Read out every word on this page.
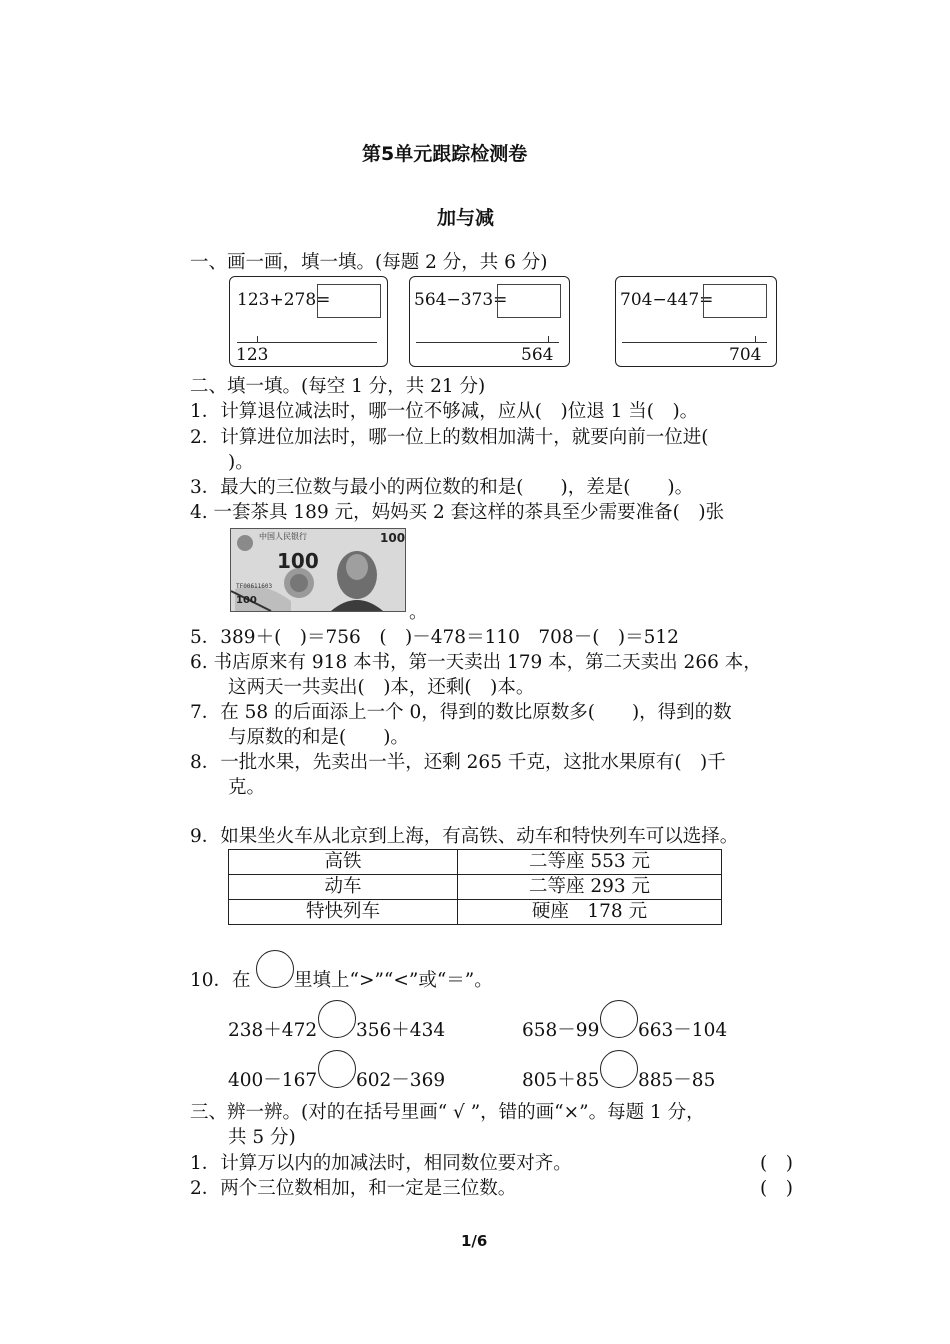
第5单元跟踪检测卷
加与减
一、画一画，填一填。(每题 2 分，共 6 分)
123+278=
123
564−373=
564
704−447=
704
二、填一填。(每空 1 分，共 21 分)
1．计算退位减法时，哪一位不够减，应从(　)位退 1 当(　)。
2．计算进位加法时，哪一位上的数相加满十，就要向前一位进(
)。
3．最大的三位数与最小的两位数的和是(　　)，差是(　　)。
4. 一套茶具 189 元，妈妈买 2 套这样的茶具至少需要准备(　)张
中国人民银行
100
100
100
TF00611603
。
5．389＋(　)＝756　(　)－478＝110　708－(　)＝512
6. 书店原来有 918 本书，第一天卖出 179 本，第二天卖出 266 本，
这两天一共卖出(　)本，还剩(　)本。
7．在 58 的后面添上一个 0，得到的数比原数多(　　)，得到的数
与原数的和是(　　)。
8．一批水果，先卖出一半，还剩 265 千克，这批水果原有(　)千
克。
9．如果坐火车从北京到上海，有高铁、动车和特快列车可以选择。
高铁	二等座 553 元
动车	二等座 293 元
特快列车	硬座　178 元
10．在 里填上“>”“<”或“＝”。
238＋472 356＋434	658－99 663－104
400－167 602－369	805＋85 885－85
三、辨一辨。(对的在括号里画“ √ ”，错的画“×”。每题 1 分，
共 5 分)
1．计算万以内的加减法时，相同数位要对齐。	(　)
2．两个三位数相加，和一定是三位数。	(　)
1/6
